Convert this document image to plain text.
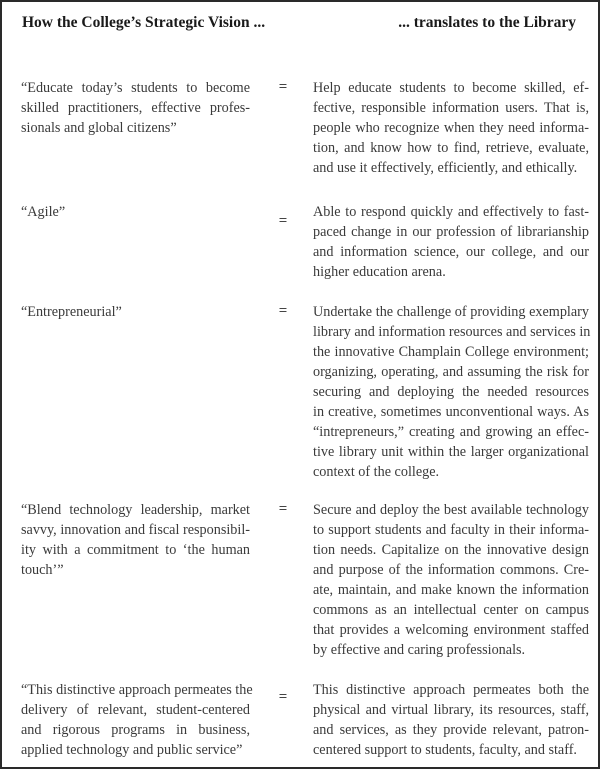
How the College’s Strategic Vision ...	... translates to the Library
“Educate today’s students to become
skilled practitioners, effective profes-
sionals and global citizens”
= Help educate students to become skilled, ef-
fective, responsible information users. That is,
people who recognize when they need informa-
tion, and know how to find, retrieve, evaluate,
and use it effectively, efficiently, and ethically.
“Agile”
=
Able to respond quickly and effectively to fast-
paced change in our profession of librarianship
and information science, our college, and our
higher education arena.
“Entrepreneurial”	= Undertake the challenge of providing exemplary
library and information resources and services in
the innovative Champlain College environment;
organizing, operating, and assuming the risk for
securing and deploying the needed resources
in creative, sometimes unconventional ways. As
“intrepreneurs,” creating and growing an effec-
tive library unit within the larger organizational
context of the college.
“Blend technology leadership, market
savvy, innovation and fiscal responsibil-
ity with a commitment to ‘the human
touch’”
= Secure and deploy the best available technology
to support students and faculty in their informa-
tion needs. Capitalize on the innovative design
and purpose of the information commons. Cre-
ate, maintain, and make known the information
commons as an intellectual center on campus
that provides a welcoming environment staffed
by effective and caring professionals.
“This distinctive approach permeates the
delivery of relevant, student-centered
and rigorous programs in business,
applied technology and public service”
= This distinctive approach permeates both the
physical and virtual library, its resources, staff,
and services, as they provide relevant, patron-
centered support to students, faculty, and staff.
